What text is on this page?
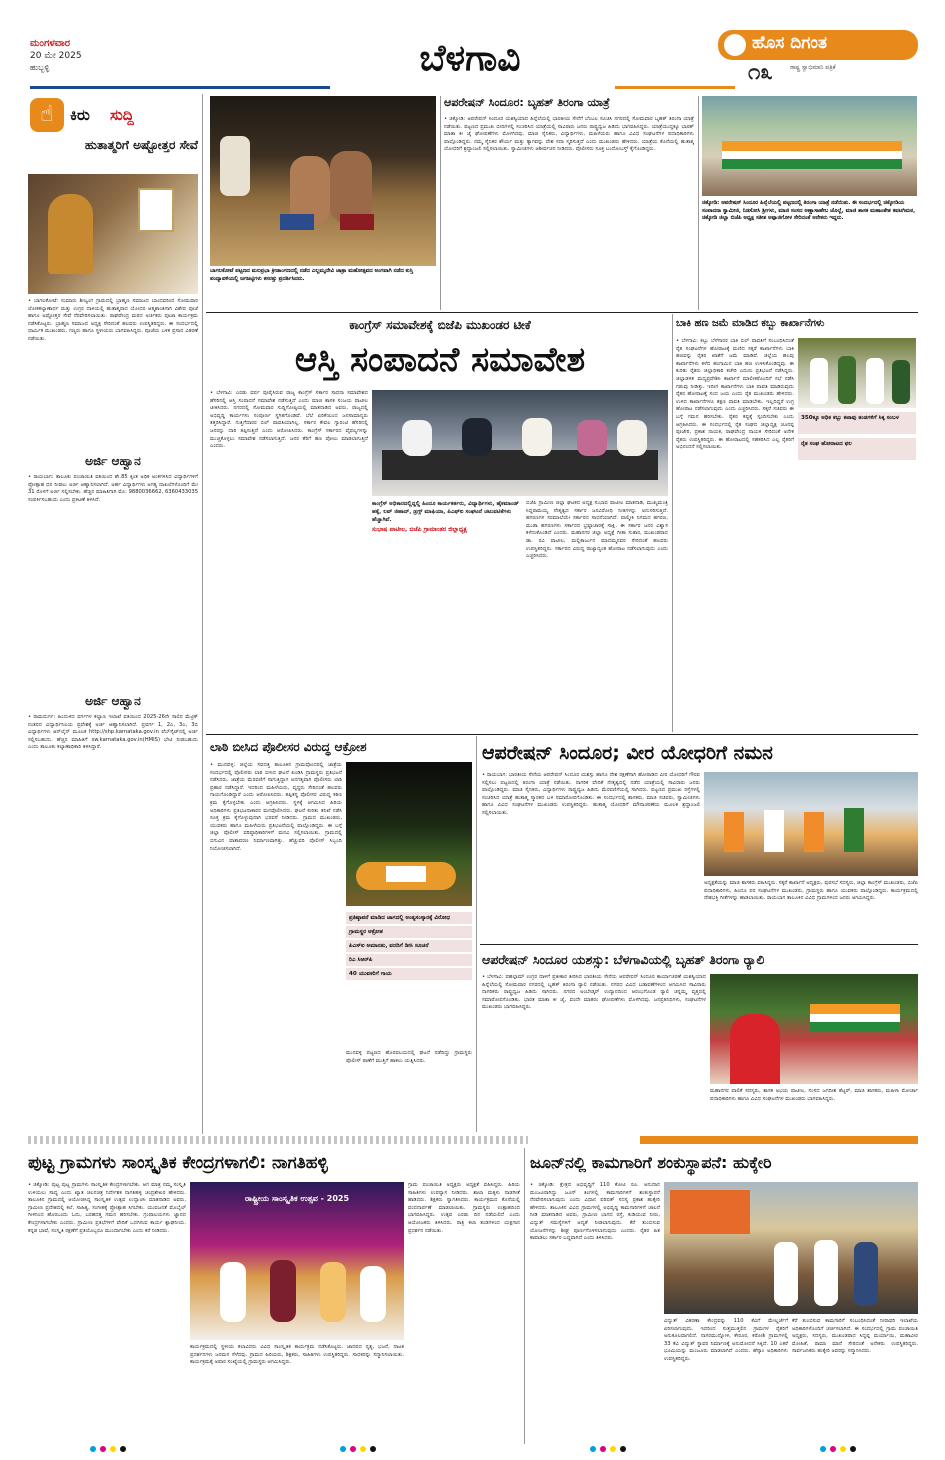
ಮಂಗಳವಾರ
20 ಮೇ 2025
ಹುಬ್ಬಳ್ಳಿ	ಬೆಳಗಾವಿ	ಹೊಸ ದಿಗಂತ
ರಾಷ್ಟ್ರ ಸ್ವಾಭಿಮಾನಿ ಪತ್ರಿಕೆ
೧೩
☝	ಕಿರು ಸುದ್ದಿ
ಹುತಾತ್ಮರಿಗೆ ಅಷ್ಟೋತ್ತರ ಸೇವೆ
• ಬಾಗಲಕೋಟೆ: ಸುಮಾರು ಶೀಲ್ವಂಗ ಗ್ರಾಮದಲ್ಲಿ ಬ್ರಾಹ್ಮಣ ಸಮಾಜದ ಬಾಂಧವರಿಂದ ಸೋಮವಾರ ಲೋಕಕಲ್ಯಾಣಾರ್ಥ ಮತ್ತು ಉಗ್ರರ ದಾಳಿಯಲ್ಲಿ ಹುತಾತ್ಮರಾದ ಯೋಧರ ಆತ್ಮಶಾಂತಿಗಾಗಿ ವಿಶೇಷ ಪೂಜೆ ಹಾಗೂ ಅಷ್ಟೋತ್ತರ ಸೇವೆ ನೆರವೇರಿಸಲಾಯಿತು. ರಾಘವೇಂದ್ರ ಮಠದ ಅರ್ಚಕರು ಪೂಜಾ ಕಾರ್ಯಕ್ರಮ ನಡೆಸಿಕೊಟ್ಟರು. ಬ್ರಾಹ್ಮಣ ಸಮಾಜದ ಅಧ್ಯಕ್ಷ ಸೇರಿದಂತೆ ಹಲವರು ಉಪಸ್ಥಿತರಿದ್ದರು. ಈ ಸಂದರ್ಭದಲ್ಲಿ ಧಾರ್ಮಿಕ ಮುಖಂಡರು, ಗಣ್ಯರು ಹಾಗೂ ಸ್ಥಳೀಯರು ಭಾಗವಹಿಸಿದ್ದರು. ಪೂಜೆಯ ಬಳಿಕ ಪ್ರಸಾದ ವಿತರಣೆ ನಡೆಯಿತು.
ಅರ್ಜಿ ಆಹ್ವಾನ
• ರಾಯಬಾಗ: ತಾಲೂಕು ಪಂಚಾಯಿತಿ ವತಿಯಿಂದ ಶೇ.85 ಕ್ಕಿಂತ ಅಧಿಕ ಅಂಕಗಳಿಸಿದ ವಿದ್ಯಾರ್ಥಿಗಳಿಗೆ ಪ್ರೋತ್ಸಾಹ ಧನ ನೀಡಲು ಅರ್ಜಿ ಆಹ್ವಾನಿಸಲಾಗಿದೆ. ಅರ್ಹ ವಿದ್ಯಾರ್ಥಿಗಳು ಅಗತ್ಯ ದಾಖಲೆಗಳೊಂದಿಗೆ ಮೇ 31 ರೊಳಗೆ ಅರ್ಜಿ ಸಲ್ಲಿಸಬೇಕು. ಹೆಚ್ಚಿನ ಮಾಹಿತಿಗಾಗಿ ಮೊ: 9880036662, 6360433035 ಸಂಪರ್ಕಿಸಬಹುದು ಎಂದು ಪ್ರಕಟಣೆ ತಿಳಿಸಿದೆ.
ಅರ್ಜಿ ಆಹ್ವಾನ
• ರಾಮದುರ್ಗ: ಹಿಂದುಳಿದ ವರ್ಗಗಳ ಕಲ್ಯಾಣ ಇಲಾಖೆ ವತಿಯಿಂದ 2025-26ನೇ ಸಾಲಿನ ಮೆಟ್ರಿಕ್ ನಂತರದ ವಿದ್ಯಾರ್ಥಿನಿಲಯ ಪ್ರವೇಶಕ್ಕೆ ಅರ್ಜಿ ಆಹ್ವಾನಿಸಲಾಗಿದೆ. ಪ್ರವರ್ಗ 1, 2ಎ, 3ಎ, 3ಬಿ ವಿದ್ಯಾರ್ಥಿಗಳು ಆನ್‌ಲೈನ್ ಮೂಲಕ http://shp.karnataka.gov.in ವೆಬ್‌ಸೈಟ್‌ನಲ್ಲಿ ಅರ್ಜಿ ಸಲ್ಲಿಸಬಹುದು. ಹೆಚ್ಚಿನ ಮಾಹಿತಿಗೆ sw.karnataka.gov.in(HMIS) ಭೇಟಿ ನೀಡಬಹುದು ಎಂದು ತಾಲೂಕು ಕಲ್ಯಾಣಾಧಿಕಾರಿ ತಿಳಿಸಿದ್ದಾರೆ.
ಬಾಗಲಕೋಟೆ ಪಟ್ಟಣದ ಮಲಪ್ರಭಾ ಕ್ರೀಡಾಂಗಣದಲ್ಲಿ ನಡೆದ ಎಲ್ಲಮ್ಮದೇವಿ ಜಾತ್ರಾ ಮಹೋತ್ಸವದ ಅಂಗವಾಗಿ ನಡೆದ ಕುಸ್ತಿ ಪಂದ್ಯಾವಳಿಯಲ್ಲಿ ಜಗಜಟ್ಟಿಗಳು ಕಸರತ್ತು ಪ್ರದರ್ಶಿಸಿದರು.
ಆಪರೇಷನ್ ಸಿಂದೂರ: ಬೃಹತ್ ತಿರಂಗಾ ಯಾತ್ರೆ
• ಚಿಕ್ಕೋಡಿ: ಆಪರೇಷನ್ ಸಿಂದೂರ ಯಶಸ್ವಿಯಾದ ಹಿನ್ನೆಲೆಯಲ್ಲಿ ಭಾರತೀಯ ಸೇನೆಗೆ ಬೆಂಬಲ ಸೂಚಿಸಿ ನಗರದಲ್ಲಿ ಸೋಮವಾರ ಬೃಹತ್ ತಿರಂಗಾ ಯಾತ್ರೆ ನಡೆಯಿತು. ಪಟ್ಟಣದ ಪ್ರಮುಖ ಬೀದಿಗಳಲ್ಲಿ ಸಂಚರಿಸಿದ ಯಾತ್ರೆಯಲ್ಲಿ ಸಾವಿರಾರು ಜನರು ರಾಷ್ಟ್ರಧ್ವಜ ಹಿಡಿದು ಭಾಗವಹಿಸಿದ್ದರು. ಯಾತ್ರೆಯುದ್ದಕ್ಕೂ ಭಾರತ್ ಮಾತಾ ಕೀ ಜೈ ಘೋಷಣೆಗಳು ಮೊಳಗಿದವು. ಮಾಜಿ ಸೈನಿಕರು, ವಿದ್ಯಾರ್ಥಿಗಳು, ಮಹಿಳೆಯರು ಹಾಗೂ ವಿವಿಧ ಸಂಘಟನೆಗಳ ಪದಾಧಿಕಾರಿಗಳು ಪಾಲ್ಗೊಂಡಿದ್ದರು. ನಮ್ಮ ಸೈನಿಕರ ಶೌರ್ಯ ಮತ್ತು ತ್ಯಾಗವನ್ನು ದೇಶ ಸದಾ ಸ್ಮರಿಸುತ್ತದೆ ಎಂದು ಮುಖಂಡರು ಹೇಳಿದರು. ಯಾತ್ರೆಯ ಕೊನೆಯಲ್ಲಿ ಹುತಾತ್ಮ ಯೋಧರಿಗೆ ಶ್ರದ್ಧಾಂಜಲಿ ಸಲ್ಲಿಸಲಾಯಿತು. ಸ್ವಾಮೀಜಿಗಳು ಆಶೀರ್ವಚನ ನೀಡಿದರು. ಪೊಲೀಸರು ಸೂಕ್ತ ಬಂದೋಬಸ್ತ್ ಕೈಗೊಂಡಿದ್ದರು.
ಚಿಕ್ಕೋಡಿ: ಆಪರೇಷನ್ ಸಿಂದೂರ ಹಿನ್ನೆಲೆಯಲ್ಲಿ ಪಟ್ಟಣದಲ್ಲಿ ತಿರಂಗಾ ಯಾತ್ರೆ ನಡೆಯಿತು. ಈ ಸಂದರ್ಭದಲ್ಲಿ ಚಿಕ್ಕೋಡಿಯ ಸಂಪಾದನಾ ಸ್ವಾಮೀಜಿ, ನಿಡಸೋಸಿ ಶ್ರೀಗಳು, ಮಾಜಿ ಸಂಸದ ಅಣ್ಣಾಸಾಹೇಬ ಜೊಲ್ಲೆ, ಮಾಜಿ ಶಾಸಕ ಮಹಾಂತೇಶ ಕವಟಗಿಮಠ, ಚಿಕ್ಕೋಡಿ ಜಿಲ್ಲಾ ಬಿಜೆಪಿ ಅಧ್ಯಕ್ಷ ಸತೀಶ ಅಪ್ಪಾಜಿಗೋಳ ಸೇರಿದಂತೆ ಅನೇಕರು ಇದ್ದರು.
ಕಾಂಗ್ರೆಸ್ ಸಮಾವೇಶಕ್ಕೆ ಬಿಜೆಪಿ ಮುಖಂಡರ ಟೀಕೆ
ಆಸ್ತಿ ಸಂಪಾದನೆ ಸಮಾವೇಶ
• ಬೆಳಗಾವಿ: ಎರಡು ವರ್ಷ ಪೂರೈಸಿರುವ ರಾಜ್ಯ ಕಾಂಗ್ರೆಸ್ ಸರ್ಕಾರ ಸಾಧನಾ ಸಮಾವೇಶದ ಹೆಸರಿನಲ್ಲಿ ಆಸ್ತಿ ಸಂಪಾದನೆ ಸಮಾವೇಶ ನಡೆಸುತ್ತಿದೆ ಎಂದು ಮಾಜಿ ಶಾಸಕ ಸಂಜಯ ಪಾಟೀಲ ಟೀಕಿಸಿದರು. ನಗರದಲ್ಲಿ ಸೋಮವಾರ ಸುದ್ದಿಗೋಷ್ಠಿಯಲ್ಲಿ ಮಾತನಾಡಿದ ಅವರು, ರಾಜ್ಯದಲ್ಲಿ ಅಭಿವೃದ್ಧಿ ಕಾರ್ಯಗಳು ಸಂಪೂರ್ಣ ಸ್ಥಗಿತಗೊಂಡಿವೆ. ಬೆಲೆ ಏರಿಕೆಯಿಂದ ಜನಸಾಮಾನ್ಯರು ತತ್ತರಿಸಿದ್ದಾರೆ. ಗುತ್ತಿಗೆದಾರರ ಬಿಲ್ ಪಾವತಿಯಾಗಿಲ್ಲ. ಸರ್ಕಾರ ಕೇವಲ ಗ್ಯಾರಂಟಿ ಹೆಸರಿನಲ್ಲಿ ಜನರನ್ನು ದಾರಿ ತಪ್ಪಿಸುತ್ತಿದೆ ಎಂದು ಆರೋಪಿಸಿದರು. ಕಾಂಗ್ರೆಸ್ ಸರ್ಕಾರದ ವೈಫಲ್ಯಗಳನ್ನು ಮುಚ್ಚಿಕೊಳ್ಳಲು ಸಮಾವೇಶ ನಡೆಸಲಾಗುತ್ತಿದೆ. ಜನರ ತೆರಿಗೆ ಹಣ ಪೋಲು ಮಾಡಲಾಗುತ್ತಿದೆ ಎಂದರು.
ಕಾಂಗ್ರೆಸ್ ಅಧಿಕಾರದಲ್ಲಿದ್ದಲ್ಲಿ ಹಿಂದೂ ಕಾರ್ಯಕರ್ತರು, ವಿದ್ಯಾರ್ಥಿಗಳು, ಹೈಕಮಾಂಡ್ ಹಕ್ಕೆ, ಲವ್ ಜಿಹಾದ್, ಡ್ರಗ್ಸ್ ಮಾಫಿಯಾ, ಪಿಎಫ್‌ಐ ಸಂಘಟನೆ ಚಟುವಟಿಕೆಗಳು ಹೆಚ್ಚಾಗಿವೆ.
ಸುಭಾಷ ಪಾಟೀಲ, ಬಿಜೆಪಿ ಗ್ರಾಮಾಂತರ ಜಿಲ್ಲಾಧ್ಯಕ್ಷ
ಬಿಜೆಪಿ ಗ್ರಾಮೀಣ ಜಿಲ್ಲಾ ಘಟಕದ ಅಧ್ಯಕ್ಷ ಸುಭಾಷ ಪಾಟೀಲ ಮಾತನಾಡಿ, ಮುಖ್ಯಮಂತ್ರಿ ಸಿದ್ದರಾಮಯ್ಯ ನೇತೃತ್ವದ ಸರ್ಕಾರ ಜನವಿರೋಧಿ ನೀತಿಗಳನ್ನು ಅನುಸರಿಸುತ್ತಿದೆ. ಹಗರಣಗಳ ಸರಮಾಲೆಯೇ ಸರ್ಕಾರದ ಸಾಧನೆಯಾಗಿದೆ. ವಾಲ್ಮೀಕಿ ನಿಗಮದ ಹಗರಣ, ಮುಡಾ ಹಗರಣಗಳು ಸರ್ಕಾರದ ಭ್ರಷ್ಟಾಚಾರಕ್ಕೆ ಸಾಕ್ಷಿ. ಈ ಸರ್ಕಾರ ಜನರ ವಿಶ್ವಾಸ ಕಳೆದುಕೊಂಡಿದೆ ಎಂದರು. ಮಹಾನಗರ ಜಿಲ್ಲಾ ಅಧ್ಯಕ್ಷೆ ಗೀತಾ ಸುತಾರ, ಮುಖಂಡರಾದ ಡಾ. ರವಿ ಪಾಟೀಲ, ಮಲ್ಲಿಕಾರ್ಜುನ ಮಾದಮ್ಮನವರ ಸೇರಿದಂತೆ ಹಲವರು ಉಪಸ್ಥಿತರಿದ್ದರು. ಸರ್ಕಾರದ ವಿರುದ್ಧ ರಾಜ್ಯಾದ್ಯಂತ ಹೋರಾಟ ನಡೆಸಲಾಗುವುದು ಎಂದು ಎಚ್ಚರಿಸಿದರು.
ಬಾಕಿ ಹಣ ಜಮೆ ಮಾಡಿದ ಕಬ್ಬು ಕಾರ್ಖಾನೆಗಳು
• ಬೆಳಗಾವಿ: ಕಬ್ಬು ಬೆಳೆಗಾರರ ಬಾಕಿ ಬಿಲ್ ಪಾವತಿಗೆ ಸಂಬಂಧಿಸಿದಂತೆ ರೈತ ಸಂಘಟನೆಗಳ ಹೋರಾಟಕ್ಕೆ ಮಣಿದ ಸಕ್ಕರೆ ಕಾರ್ಖಾನೆಗಳು ಬಾಕಿ ಹಣವನ್ನು ರೈತರ ಖಾತೆಗೆ ಜಮೆ ಮಾಡಿವೆ. ಜಿಲ್ಲೆಯ ಹಲವು ಕಾರ್ಖಾನೆಗಳು ಕಳೆದ ಹಂಗಾಮಿನ ಬಾಕಿ ಹಣ ಉಳಿಸಿಕೊಂಡಿದ್ದವು. ಈ ಕುರಿತು ರೈತರು ಜಿಲ್ಲಾಧಿಕಾರಿ ಕಚೇರಿ ಎದುರು ಪ್ರತಿಭಟನೆ ನಡೆಸಿದ್ದರು. ಜಿಲ್ಲಾಡಳಿತ ಮಧ್ಯಪ್ರವೇಶಿಸಿ ಕಾರ್ಖಾನೆ ಮಾಲೀಕರೊಂದಿಗೆ ಸಭೆ ನಡೆಸಿ ಗಡುವು ನೀಡಿತ್ತು. ಇದೀಗ ಕಾರ್ಖಾನೆಗಳು ಬಾಕಿ ಪಾವತಿ ಮಾಡಿರುವುದು ರೈತರ ಹೋರಾಟಕ್ಕೆ ಸಂದ ಜಯ ಎಂದು ರೈತ ಮುಖಂಡರು ಹೇಳಿದರು. ಉಳಿದ ಕಾರ್ಖಾನೆಗಳೂ ತಕ್ಷಣ ಪಾವತಿ ಮಾಡಬೇಕು. ಇಲ್ಲದಿದ್ದರೆ ಉಗ್ರ ಹೋರಾಟ ನಡೆಸಲಾಗುವುದು ಎಂದು ಎಚ್ಚರಿಸಿದರು. ಸಕ್ಕರೆ ಸಚಿವರು ಈ ಬಗ್ಗೆ ಗಮನ ಹರಿಸಬೇಕು. ರೈತರ ಕಷ್ಟಕ್ಕೆ ಸ್ಪಂದಿಸಬೇಕು ಎಂದು ಆಗ್ರಹಿಸಿದರು. ಈ ಸಂದರ್ಭದಲ್ಲಿ ರೈತ ಸಂಘದ ಜಿಲ್ಲಾಧ್ಯಕ್ಷ ಚೂನಪ್ಪ ಪೂಜೇರಿ, ಪ್ರಕಾಶ ನಾಯಕ, ರಾಘವೇಂದ್ರ ನಾಯಕ ಸೇರಿದಂತೆ ಅನೇಕ ರೈತರು ಉಪಸ್ಥಿತರಿದ್ದರು. ಈ ಹೋರಾಟದಲ್ಲಿ ಸಹಕರಿಸಿದ ಎಲ್ಲ ರೈತರಿಗೆ ಅಭಿನಂದನೆ ಸಲ್ಲಿಸಲಾಯಿತು.
350ಕ್ಕೂ ಅಧಿಕ ಕಬ್ಬು ಕಟಾವು ತಂಡಗಳಿಗೆ ಸಿಕ್ಕ ಸಂಬಳ
ರೈತ ಸಂಘ ಹೋರಾಟದ ಫಲ
ಲಾಠಿ ಬೀಸಿದ ಪೊಲೀಸರ ವಿರುದ್ಧ ಆಕ್ರೋಶ
• ಮುನವಳ್ಳಿ: ಜಿಲ್ಲೆಯ ಸವದತ್ತಿ ತಾಲೂಕಿನ ಗ್ರಾಮವೊಂದರಲ್ಲಿ ಜಾತ್ರೆಯ ಸಂದರ್ಭದಲ್ಲಿ ಪೊಲೀಸರು ಲಾಠಿ ಬೀಸಿದ ಘಟನೆ ಖಂಡಿಸಿ ಗ್ರಾಮಸ್ಥರು ಪ್ರತಿಭಟನೆ ನಡೆಸಿದರು. ಜಾತ್ರೆಯ ಮೆರವಣಿಗೆ ಸಾಗುತ್ತಿದ್ದಾಗ ಅನಗತ್ಯವಾಗಿ ಪೊಲೀಸರು ಲಾಠಿ ಪ್ರಹಾರ ನಡೆಸಿದ್ದಾರೆ. ಇದರಿಂದ ಮಹಿಳೆಯರು, ವೃದ್ಧರು ಸೇರಿದಂತೆ ಹಲವರು ಗಾಯಗೊಂಡಿದ್ದಾರೆ ಎಂದು ಆರೋಪಿಸಿದರು. ತಪ್ಪಿತಸ್ಥ ಪೊಲೀಸರ ವಿರುದ್ಧ ಕಠಿಣ ಕ್ರಮ ಕೈಗೊಳ್ಳಬೇಕು ಎಂದು ಆಗ್ರಹಿಸಿದರು. ಸ್ಥಳಕ್ಕೆ ಆಗಮಿಸಿದ ಹಿರಿಯ ಅಧಿಕಾರಿಗಳು ಪ್ರತಿಭಟನಾಕಾರರ ಮನವೊಲಿಸಿದರು. ಘಟನೆ ಕುರಿತು ತನಿಖೆ ನಡೆಸಿ ಸೂಕ್ತ ಕ್ರಮ ಕೈಗೊಳ್ಳುವುದಾಗಿ ಭರವಸೆ ನೀಡಿದರು. ಗ್ರಾಮದ ಮುಖಂಡರು, ಯುವಕರು ಹಾಗೂ ಮಹಿಳೆಯರು ಪ್ರತಿಭಟನೆಯಲ್ಲಿ ಪಾಲ್ಗೊಂಡಿದ್ದರು. ಈ ಬಗ್ಗೆ ಜಿಲ್ಲಾ ಪೊಲೀಸ್ ವರಿಷ್ಠಾಧಿಕಾರಿಗಳಿಗೆ ಮನವಿ ಸಲ್ಲಿಸಲಾಯಿತು. ಗ್ರಾಮದಲ್ಲಿ ಬಿಗುವಿನ ವಾತಾವರಣ ನಿರ್ಮಾಣವಾಗಿತ್ತು. ಹೆಚ್ಚುವರಿ ಪೊಲೀಸ್ ಸಿಬ್ಬಂದಿ ನಿಯೋಜಿಸಲಾಗಿದೆ.
ಪ್ರತಿಷ್ಠಾಪನೆ ಮಾಡಿದ ಜಾಗದಲ್ಲಿ ಅಂತ್ಯಸಂಸ್ಕಾರಕ್ಕೆ ವಿರೋಧ
ಗ್ರಾಮಸ್ಥರ ಆಕ್ರೋಶ
ಪಿಎಸ್ಐ ಅಮಾನತು, ವರದಿಗೆ ಡೀಸಿ ಸೂಚನೆ
ರಿಎ ಸಿಆರ್‌ಪಿ
40 ಯುವಕರಿಗೆ ಗಾಯ
ಮುನವಳ್ಳಿ ಪಟ್ಟಣದ ಹೊರವಲಯದಲ್ಲಿ ಘಟನೆ ನಡೆದಿದ್ದು ಗ್ರಾಮಸ್ಥರು ಪೊಲೀಸ್ ಠಾಣೆಗೆ ಮುತ್ತಿಗೆ ಹಾಕಲು ಯತ್ನಿಸಿದರು.
ಆಪರೇಷನ್ ಸಿಂದೂರ; ವೀರ ಯೋಧರಿಗೆ ನಮನ
• ರಾಯಬಾಗ: ಭಾರತೀಯ ಸೇನೆಯ ಆಪರೇಷನ್ ಸಿಂದೂರ ಯಶಸ್ಸು ಹಾಗೂ ದೇಶ ರಕ್ಷಣೆಗಾಗಿ ಹೋರಾಡಿದ ವೀರ ಯೋಧರಿಗೆ ಗೌರವ ಸಲ್ಲಿಸಲು ಪಟ್ಟಣದಲ್ಲಿ ತಿರಂಗಾ ಯಾತ್ರೆ ನಡೆಯಿತು. ನಾಗರಿಕ ವೇದಿಕೆ ನೇತೃತ್ವದಲ್ಲಿ ನಡೆದ ಯಾತ್ರೆಯಲ್ಲಿ ಸಾವಿರಾರು ಜನರು ಪಾಲ್ಗೊಂಡಿದ್ದರು. ಮಾಜಿ ಸೈನಿಕರು, ವಿದ್ಯಾರ್ಥಿಗಳು ರಾಷ್ಟ್ರಧ್ವಜ ಹಿಡಿದು ಮೆರವಣಿಗೆಯಲ್ಲಿ ಸಾಗಿದರು. ಪಟ್ಟಣದ ಪ್ರಮುಖ ರಸ್ತೆಗಳಲ್ಲಿ ಸಂಚರಿಸಿದ ಯಾತ್ರೆ ಹುತಾತ್ಮ ಸ್ಮಾರಕದ ಬಳಿ ಸಮಾರೋಪಗೊಂಡಿತು. ಈ ಸಂದರ್ಭದಲ್ಲಿ ಶಾಸಕರು, ಮಾಜಿ ಸಚಿವರು, ಸ್ವಾಮೀಜಿಗಳು ಹಾಗೂ ವಿವಿಧ ಸಂಘಟನೆಗಳ ಮುಖಂಡರು ಉಪಸ್ಥಿತರಿದ್ದರು. ಹುತಾತ್ಮ ಯೋಧರಿಗೆ ಮೌನಾಚರಣೆಯ ಮೂಲಕ ಶ್ರದ್ಧಾಂಜಲಿ ಸಲ್ಲಿಸಲಾಯಿತು.
ಅಧ್ಯಕ್ಷತೆಯನ್ನು ಮಾಜಿ ಶಾಸಕರು ವಹಿಸಿದ್ದರು. ಸಕ್ಕರೆ ಕಾರ್ಖಾನೆ ಅಧ್ಯಕ್ಷರು, ಪುರಸಭೆ ಸದಸ್ಯರು, ಜಿಲ್ಲಾ ಕಾಂಗ್ರೆಸ್ ಮುಖಂಡರು, ಬಿಜೆಪಿ ಪದಾಧಿಕಾರಿಗಳು, ಹಿಂದೂ ಪರ ಸಂಘಟನೆಗಳ ಮುಖಂಡರು, ಗ್ರಾಮಸ್ಥರು ಹಾಗೂ ಯುವಕರು ಪಾಲ್ಗೊಂಡಿದ್ದರು. ಕಾರ್ಯಕ್ರಮದಲ್ಲಿ ದೇಶಭಕ್ತಿ ಗೀತೆಗಳನ್ನು ಹಾಡಲಾಯಿತು. ರಾಯಬಾಗ ತಾಲೂಕಿನ ವಿವಿಧ ಗ್ರಾಮಗಳಿಂದ ಜನರು ಆಗಮಿಸಿದ್ದರು.
ಆಪರೇಷನ್ ಸಿಂದೂರ ಯಶಸ್ಸು: ಬೆಳಗಾವಿಯಲ್ಲಿ ಬೃಹತ್ ತಿರಂಗಾ ರ‍್ಯಾಲಿ
• ಬೆಳಗಾವಿ: ಪಹಲ್ಗಾಮ್ ಉಗ್ರರ ದಾಳಿಗೆ ಪ್ರತೀಕಾರ ತೀರಿಸಿದ ಭಾರತೀಯ ಸೇನೆಯ ಆಪರೇಷನ್ ಸಿಂದೂರ ಕಾರ್ಯಾಚರಣೆ ಯಶಸ್ವಿಯಾದ ಹಿನ್ನೆಲೆಯಲ್ಲಿ ಸೋಮವಾರ ನಗರದಲ್ಲಿ ಬೃಹತ್ ತಿರಂಗಾ ರ‍್ಯಾಲಿ ನಡೆಯಿತು. ನಗರದ ವಿವಿಧ ಬಡಾವಣೆಗಳಿಂದ ಆಗಮಿಸಿದ ಸಾವಿರಾರು ನಾಗರಿಕರು ರಾಷ್ಟ್ರಧ್ವಜ ಹಿಡಿದು ಸಾಗಿದರು. ನಗರದ ಅಂಬೇಡ್ಕರ್ ಉದ್ಯಾನದಿಂದ ಆರಂಭಗೊಂಡ ರ‍್ಯಾಲಿ ಚನ್ನಮ್ಮ ವೃತ್ತದಲ್ಲಿ ಸಮಾರೋಪಗೊಂಡಿತು. ಭಾರತ ಮಾತಾ ಕೀ ಜೈ, ವಂದೇ ಮಾತರಂ ಘೋಷಣೆಗಳು ಮೊಳಗಿದವು. ಜನಪ್ರತಿನಿಧಿಗಳು, ಸಂಘಟನೆಗಳ ಮುಖಂಡರು ಭಾಗವಹಿಸಿದ್ದರು.
ಮಹಾನಗರ ಪಾಲಿಕೆ ಸದಸ್ಯರು, ಶಾಸಕ ಅಭಯ ಪಾಟೀಲ, ಸಂಸದ ಜಗದೀಶ ಶೆಟ್ಟರ್, ಮಾಜಿ ಶಾಸಕರು, ಮಹಿಳಾ ಮೋರ್ಚಾ ಪದಾಧಿಕಾರಿಗಳು ಹಾಗೂ ವಿವಿಧ ಸಂಘಟನೆಗಳ ಮುಖಂಡರು ಭಾಗವಹಿಸಿದ್ದರು.
ಪುಟ್ಟ ಗ್ರಾಮಗಳು ಸಾಂಸ್ಕೃತಿಕ ಕೇಂದ್ರಗಳಾಗಲಿ: ನಾಗತಿಹಳ್ಳಿ
• ಚಿಕ್ಕೋಡಿ: ಪುಟ್ಟ ಪುಟ್ಟ ಗ್ರಾಮಗಳು ಸಾಂಸ್ಕೃತಿಕ ಕೇಂದ್ರಗಳಾಗಬೇಕು. ಆಗ ಮಾತ್ರ ನಮ್ಮ ಸಂಸ್ಕೃತಿ ಉಳಿಯಲು ಸಾಧ್ಯ ಎಂದು ಖ್ಯಾತ ಚಲನಚಿತ್ರ ನಿರ್ದೇಶಕ ನಾಗತಿಹಳ್ಳಿ ಚಂದ್ರಶೇಖರ ಹೇಳಿದರು. ತಾಲೂಕಿನ ಗ್ರಾಮದಲ್ಲಿ ಆಯೋಜಿಸಿದ್ದ ಸಾಂಸ್ಕೃತಿಕ ಉತ್ಸವ ಉದ್ಘಾಟಿಸಿ ಮಾತನಾಡಿದ ಅವರು, ಗ್ರಾಮೀಣ ಪ್ರದೇಶದಲ್ಲಿ ಕಲೆ, ಸಾಹಿತ್ಯ, ಸಂಗೀತಕ್ಕೆ ಪ್ರೋತ್ಸಾಹ ಸಿಗಬೇಕು. ಯುವಜನತೆ ಮೊಬೈಲ್ ಗೀಳಿನಿಂದ ಹೊರಬಂದು ಓದು, ಬರಹದತ್ತ ಗಮನ ಹರಿಸಬೇಕು. ಗ್ರಂಥಾಲಯಗಳು ಜ್ಞಾನದ ಕೇಂದ್ರಗಳಾಗಬೇಕು ಎಂದರು. ಗ್ರಾಮೀಣ ಪ್ರತಿಭೆಗಳಿಗೆ ವೇದಿಕೆ ಒದಗಿಸುವ ಕಾರ್ಯ ಶ್ಲಾಘನೀಯ. ಕನ್ನಡ ಭಾಷೆ, ಸಂಸ್ಕೃತಿ ರಕ್ಷಣೆಗೆ ಪ್ರತಿಯೊಬ್ಬರೂ ಮುಂದಾಗಬೇಕು ಎಂದು ಕರೆ ನೀಡಿದರು.
ರಾಷ್ಟ್ರೀಯ ಸಾಂಸ್ಕೃತಿಕ ಉತ್ಸವ - 2025
ಕಾರ್ಯಕ್ರಮದಲ್ಲಿ ಸ್ಥಳೀಯ ಕಲಾವಿದರು ವಿವಿಧ ಸಾಂಸ್ಕೃತಿಕ ಕಾರ್ಯಕ್ರಮ ನಡೆಸಿಕೊಟ್ಟರು. ಜಾನಪದ ನೃತ್ಯ, ಭಜನೆ, ನಾಟಕ ಪ್ರದರ್ಶನಗಳು ಜನಮನ ಸೆಳೆದವು. ಗ್ರಾಮದ ಹಿರಿಯರು, ಶಿಕ್ಷಕರು, ಸಾಹಿತಿಗಳು ಉಪಸ್ಥಿತರಿದ್ದರು. ಸಾಧಕರನ್ನು ಸನ್ಮಾನಿಸಲಾಯಿತು. ಕಾರ್ಯಕ್ರಮಕ್ಕೆ ಅಪಾರ ಸಂಖ್ಯೆಯಲ್ಲಿ ಗ್ರಾಮಸ್ಥರು ಆಗಮಿಸಿದ್ದರು.
ಗ್ರಾಮ ಪಂಚಾಯಿತಿ ಅಧ್ಯಕ್ಷರು ಅಧ್ಯಕ್ಷತೆ ವಹಿಸಿದ್ದರು. ಹಿರಿಯ ಸಾಹಿತಿಗಳು ಉಪನ್ಯಾಸ ನೀಡಿದರು. ಶಾಲಾ ಮಕ್ಕಳು ನಾಡಗೀತೆ ಹಾಡಿದರು. ಶಿಕ್ಷಕರು ಸ್ವಾಗತಿಸಿದರು. ಕಾರ್ಯಕ್ರಮದ ಕೊನೆಯಲ್ಲಿ ವಂದನಾರ್ಪಣೆ ಮಾಡಲಾಯಿತು. ಗ್ರಾಮಸ್ಥರು ಉತ್ಸಾಹದಿಂದ ಭಾಗವಹಿಸಿದ್ದರು. ಉತ್ಸವ ಎರಡು ದಿನ ನಡೆಯಲಿದೆ ಎಂದು ಆಯೋಜಕರು ತಿಳಿಸಿದರು. ರಾತ್ರಿ ಕಲಾ ತಂಡಗಳಿಂದ ಯಕ್ಷಗಾನ ಪ್ರದರ್ಶನ ನಡೆಯಿತು.
ಜೂನ್‌ನಲ್ಲಿ ಕಾಮಗಾರಿಗೆ ಶಂಕುಸ್ಥಾಪನೆ: ಹುಕ್ಕೇರಿ
• ಚಿಕ್ಕೋಡಿ: ಕ್ಷೇತ್ರದ ಅಭಿವೃದ್ಧಿಗೆ 110 ಕೋಟಿ ರೂ. ಅನುದಾನ ಮಂಜೂರಾಗಿದ್ದು ಜೂನ್ ತಿಂಗಳಲ್ಲಿ ಕಾಮಗಾರಿಗಳಿಗೆ ಶಂಕುಸ್ಥಾಪನೆ ನೆರವೇರಿಸಲಾಗುವುದು ಎಂದು ವಿಧಾನ ಪರಿಷತ್ ಸದಸ್ಯ ಪ್ರಕಾಶ ಹುಕ್ಕೇರಿ ಹೇಳಿದರು. ತಾಲೂಕಿನ ವಿವಿಧ ಗ್ರಾಮಗಳಲ್ಲಿ ಅಭಿವೃದ್ಧಿ ಕಾಮಗಾರಿಗಳಿಗೆ ಚಾಲನೆ ನೀಡಿ ಮಾತನಾಡಿದ ಅವರು, ಗ್ರಾಮೀಣ ಭಾಗದ ರಸ್ತೆ, ಕುಡಿಯುವ ನೀರು, ವಿದ್ಯುತ್ ಸಮಸ್ಯೆಗಳಿಗೆ ಆದ್ಯತೆ ನೀಡಲಾಗುವುದು. ಕೆರೆ ತುಂಬಿಸುವ ಯೋಜನೆಗಳನ್ನು ಶೀಘ್ರ ಪೂರ್ಣಗೊಳಿಸಲಾಗುವುದು ಎಂದರು. ರೈತರ ಹಿತ ಕಾಪಾಡಲು ಸರ್ಕಾರ ಬದ್ಧವಾಗಿದೆ ಎಂದು ತಿಳಿಸಿದರು.
ವಿದ್ಯುತ್ ವಿತರಣಾ ಕೇಂದ್ರವನ್ನು 110 ಕೆವಿಗೆ ಮೇಲ್ದರ್ಜೆಗೆ ಏರಿಸಲಾಗುವುದು. ಇದರಿಂದ ಸುತ್ತಮುತ್ತಲಿನ ಗ್ರಾಮಗಳ ರೈತರಿಗೆ ಅನುಕೂಲವಾಗಲಿದೆ. ನಾಗರಮುನ್ನೋಳಿ, ಕೇರೂರ, ಕರೋಶಿ ಗ್ರಾಮಗಳಲ್ಲಿ 33 ಕೆವಿ ವಿದ್ಯುತ್ ಸ್ಥಾವರ ನಿರ್ಮಾಣಕ್ಕೆ ಅನುಮೋದನೆ ಸಿಕ್ಕಿದೆ. 10 ಎಕರೆ ಭೂಮಿಯನ್ನು ಮಂಜೂರು ಮಾಡಲಾಗಿದೆ ಎಂದರು. ಹೆಸ್ಕಾಂ ಅಧಿಕಾರಿಗಳು ಉಪಸ್ಥಿತರಿದ್ದರು.
ಕೆರೆ ತುಂಬಿಸುವ ಕಾಮಗಾರಿಗೆ ಸಂಬಂಧಿಸಿದಂತೆ ನೀರಾವರಿ ಇಲಾಖೆಯ ಅಧಿಕಾರಿಗಳೊಂದಿಗೆ ಚರ್ಚಿಸಲಾಗಿದೆ. ಈ ಸಂದರ್ಭದಲ್ಲಿ ಗ್ರಾಮ ಪಂಚಾಯಿತಿ ಅಧ್ಯಕ್ಷರು, ಸದಸ್ಯರು, ಮುಖಂಡರಾದ ಸಿದ್ದಪ್ಪ ಮರ್ಯಾಯಿ, ಮಹಾವೀರ ಮೋಹಿತೆ, ರಾಮಾ ಮಾನೆ ಸೇರಿದಂತೆ ಅನೇಕರು ಉಪಸ್ಥಿತರಿದ್ದರು. ಸಾರ್ವಜನಿಕರು ಹುಕ್ಕೇರಿ ಅವರನ್ನು ಸನ್ಮಾನಿಸಿದರು.
